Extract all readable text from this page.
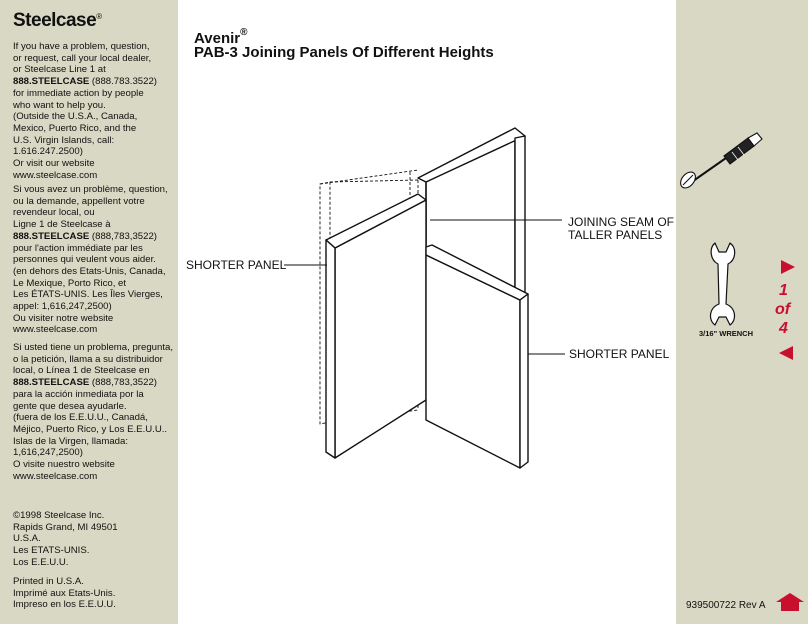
Steelcase®
If you have a problem, question,
or request, call your local dealer,
or Steelcase Line 1 at
888.STEELCASE (888.783.3522)
for immediate action by people
who want to help you.
(Outside the U.S.A., Canada,
Mexico, Puerto Rico, and the
U.S. Virgin Islands, call:
1.616.247.2500)
Or visit our website
www.steelcase.com
Si vous avez un problème, question,
ou la demande, appellent votre
revendeur local, ou
Ligne 1 de Steelcase à
888.STEELCASE (888,783,3522)
pour l'action immédiate par les
personnes qui veulent vous aider.
(en dehors des Etats-Unis, Canada,
Le Mexique, Porto Rico, et
Les ÉTATS-UNIS. Les Îles Vierges,
appel: 1,616,247,2500)
Ou visiter notre website
www.steelcase.com
Si usted tiene un problema, pregunta,
o la petición, llama a su distribuidor
local, o Línea 1 de Steelcase en
888.STEELCASE (888,783,3522)
para la acción inmediata por la
gente que desea ayudarle.
(fuera de los E.E.U.U., Canadá,
Méjico, Puerto Rico, y Los E.E.U.U..
Islas de la Virgen, llamada:
1,616,247,2500)
O visite nuestro website
www.steelcase.com
©1998 Steelcase Inc.
Rapids Grand, MI 49501
U.S.A.
Les ETATS-UNIS.
Los E.E.U.U.
Printed in U.S.A.
Imprimé aux Etats-Unis.
Impreso en los E.E.U.U.
Avenir®
PAB-3 Joining Panels Of Different Heights
JOINING SEAM OF
TALLER PANELS
SHORTER PANEL
SHORTER PANEL
3/16" WRENCH
1
of
4
939500722 Rev A
